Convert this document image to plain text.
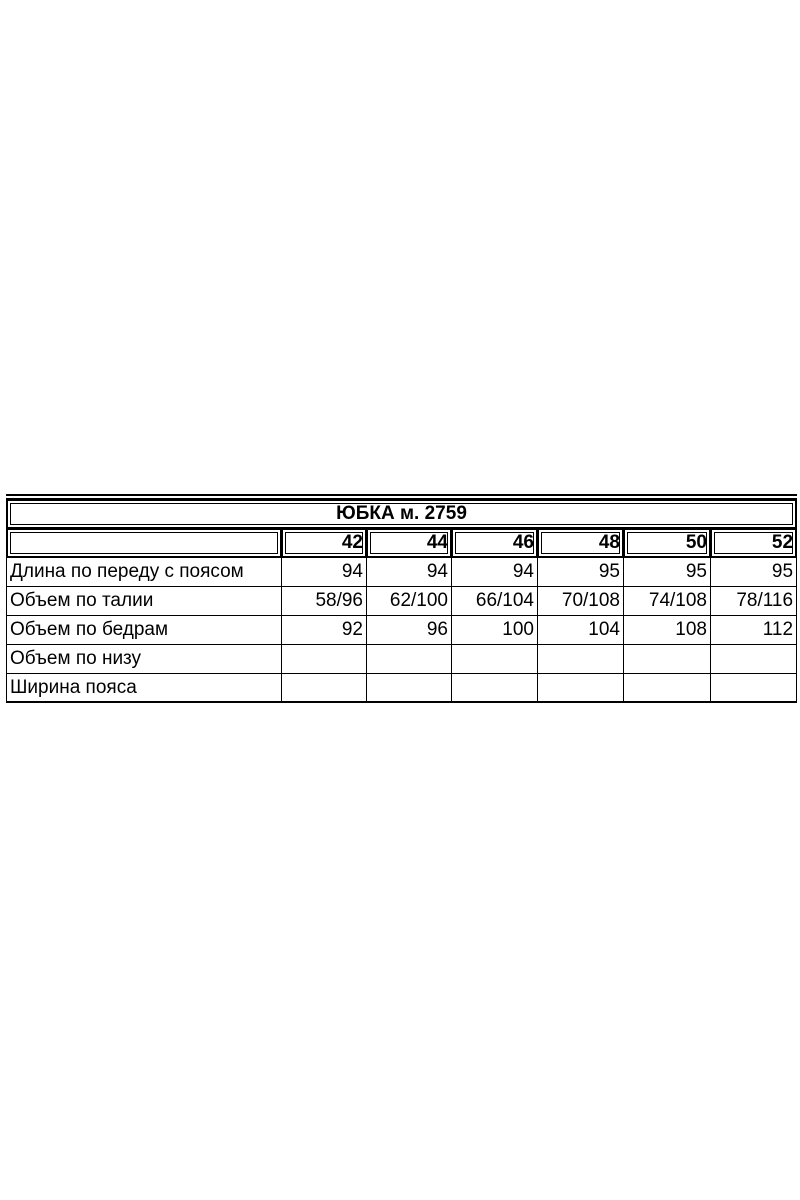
ЮБКА м. 2759						
	42	44	46	48	50	52
Длина по переду с поясом	94	94	94	95	95	95
Объем по талии	58/96	62/100	66/104	70/108	74/108	78/116
Объем по бедрам	92	96	100	104	108	112
Объем по низу						
Ширина пояса						
